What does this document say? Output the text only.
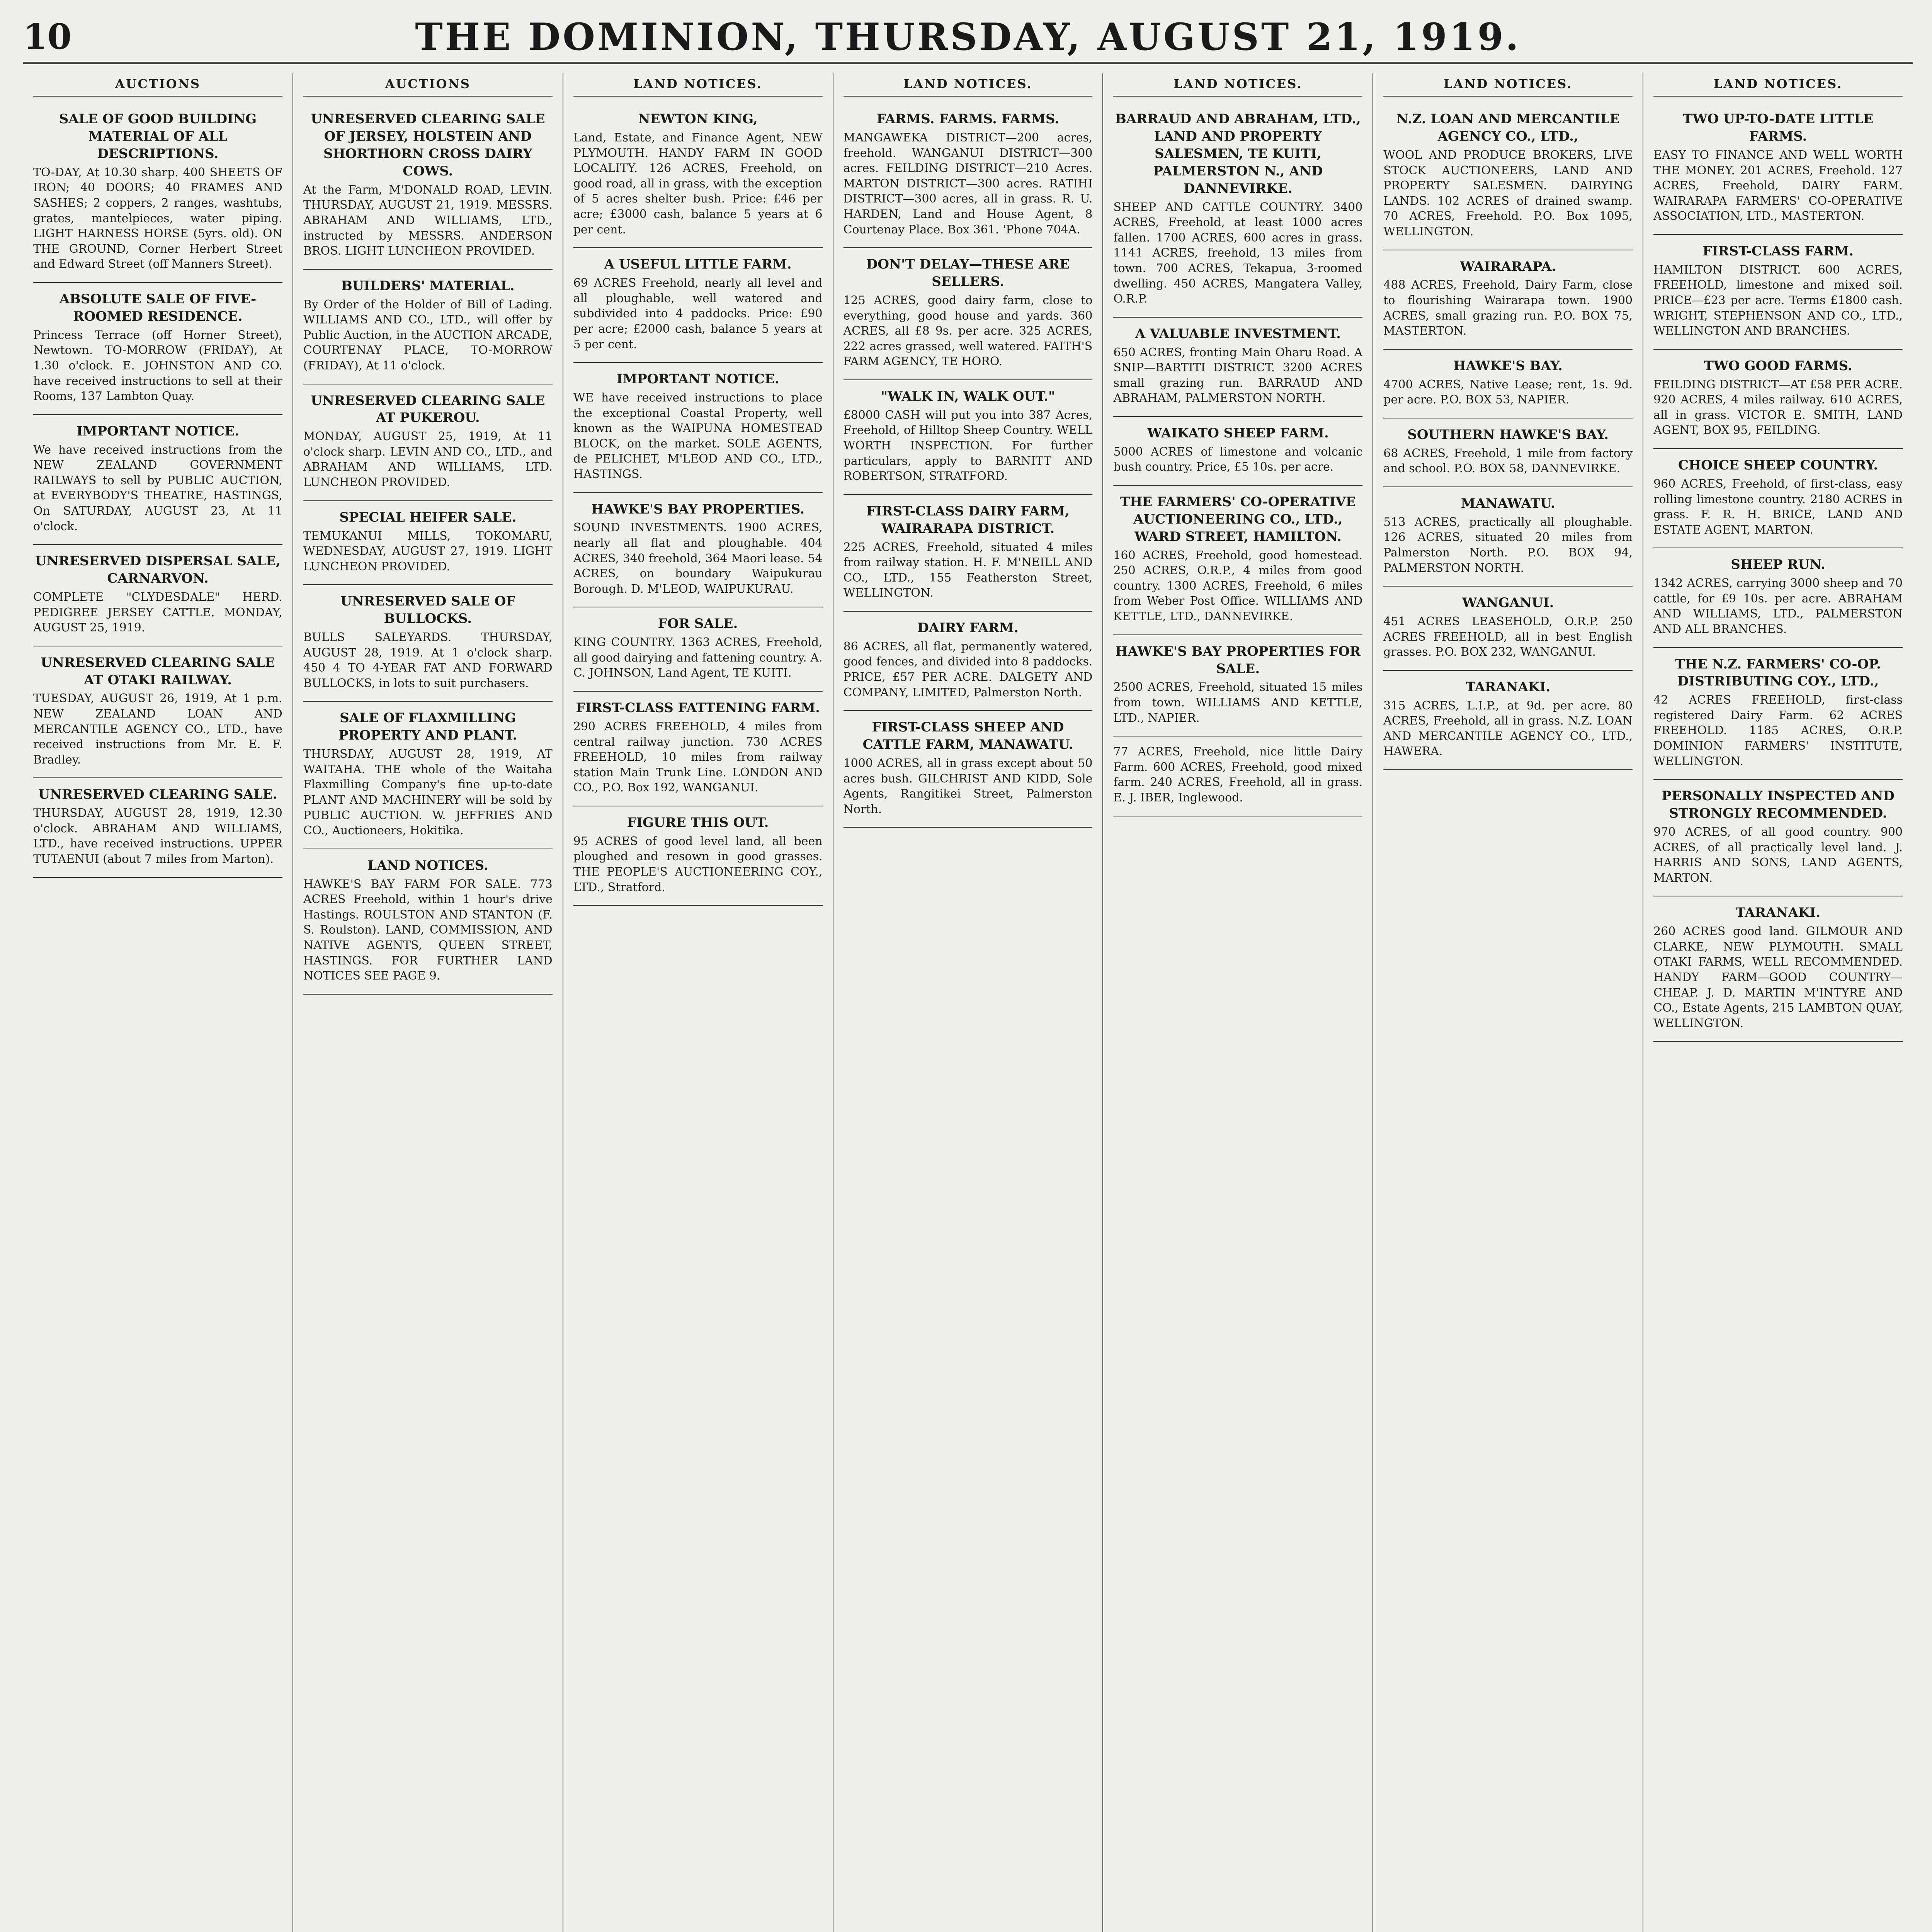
10	THE DOMINION, THURSDAY, AUGUST 21, 1919.
AUCTIONS
SALE OF GOOD BUILDING MATERIAL OF ALL DESCRIPTIONS.

TO-DAY, At 10.30 sharp. 400 SHEETS OF IRON; 40 DOORS; 40 FRAMES AND SASHES; 2 coppers, 2 ranges, washtubs, grates, mantelpieces, water piping. LIGHT HARNESS HORSE (5yrs. old). ON THE GROUND, Corner Herbert Street and Edward Street (off Manners Street).

ABSOLUTE SALE OF FIVE-ROOMED RESIDENCE.

Princess Terrace (off Horner Street), Newtown. TO-MORROW (FRIDAY), At 1.30 o'clock. E. JOHNSTON AND CO. have received instructions to sell at their Rooms, 137 Lambton Quay.

IMPORTANT NOTICE.

We have received instructions from the NEW ZEALAND GOVERNMENT RAILWAYS to sell by PUBLIC AUCTION, at EVERYBODY'S THEATRE, HASTINGS, On SATURDAY, AUGUST 23, At 11 o'clock.

UNRESERVED DISPERSAL SALE, CARNARVON.

COMPLETE "CLYDESDALE" HERD. PEDIGREE JERSEY CATTLE. MONDAY, AUGUST 25, 1919.

UNRESERVED CLEARING SALE AT OTAKI RAILWAY.

TUESDAY, AUGUST 26, 1919, At 1 p.m. NEW ZEALAND LOAN AND MERCANTILE AGENCY CO., LTD., have received instructions from Mr. E. F. Bradley.

UNRESERVED CLEARING SALE.

THURSDAY, AUGUST 28, 1919, 12.30 o'clock. ABRAHAM AND WILLIAMS, LTD., have received instructions. UPPER TUTAENUI (about 7 miles from Marton).

AUCTIONS
UNRESERVED CLEARING SALE OF JERSEY, HOLSTEIN AND SHORTHORN CROSS DAIRY COWS.

At the Farm, M'DONALD ROAD, LEVIN. THURSDAY, AUGUST 21, 1919. MESSRS. ABRAHAM AND WILLIAMS, LTD., instructed by MESSRS. ANDERSON BROS. LIGHT LUNCHEON PROVIDED.

BUILDERS' MATERIAL.

By Order of the Holder of Bill of Lading. WILLIAMS AND CO., LTD., will offer by Public Auction, in the AUCTION ARCADE, COURTENAY PLACE, TO-MORROW (FRIDAY), At 11 o'clock.

UNRESERVED CLEARING SALE AT PUKEROU.

MONDAY, AUGUST 25, 1919, At 11 o'clock sharp. LEVIN AND CO., LTD., and ABRAHAM AND WILLIAMS, LTD. LUNCHEON PROVIDED.

SPECIAL HEIFER SALE.

TEMUKANUI MILLS, TOKOMARU, WEDNESDAY, AUGUST 27, 1919. LIGHT LUNCHEON PROVIDED.

UNRESERVED SALE OF BULLOCKS.

BULLS SALEYARDS. THURSDAY, AUGUST 28, 1919. At 1 o'clock sharp. 450 4 TO 4-YEAR FAT AND FORWARD BULLOCKS, in lots to suit purchasers.

SALE OF FLAXMILLING PROPERTY AND PLANT.

THURSDAY, AUGUST 28, 1919, AT WAITAHA. THE whole of the Waitaha Flaxmilling Company's fine up-to-date PLANT AND MACHINERY will be sold by PUBLIC AUCTION. W. JEFFRIES AND CO., Auctioneers, Hokitika.

LAND NOTICES.

HAWKE'S BAY FARM FOR SALE. 773 ACRES Freehold, within 1 hour's drive Hastings. ROULSTON AND STANTON (F. S. Roulston). LAND, COMMISSION, AND NATIVE AGENTS, QUEEN STREET, HASTINGS. FOR FURTHER LAND NOTICES SEE PAGE 9.

LAND NOTICES.
NEWTON KING,

Land, Estate, and Finance Agent, NEW PLYMOUTH. HANDY FARM IN GOOD LOCALITY. 126 ACRES, Freehold, on good road, all in grass, with the exception of 5 acres shelter bush. Price: £46 per acre; £3000 cash, balance 5 years at 6 per cent.

A USEFUL LITTLE FARM.

69 ACRES Freehold, nearly all level and all ploughable, well watered and subdivided into 4 paddocks. Price: £90 per acre; £2000 cash, balance 5 years at 5 per cent.

IMPORTANT NOTICE.

WE have received instructions to place the exceptional Coastal Property, well known as the WAIPUNA HOMESTEAD BLOCK, on the market. SOLE AGENTS, de PELICHET, M'LEOD AND CO., LTD., HASTINGS.

HAWKE'S BAY PROPERTIES.

SOUND INVESTMENTS. 1900 ACRES, nearly all flat and ploughable. 404 ACRES, 340 freehold, 364 Maori lease. 54 ACRES, on boundary Waipukurau Borough. D. M'LEOD, WAIPUKURAU.

FOR SALE.

KING COUNTRY. 1363 ACRES, Freehold, all good dairying and fattening country. A. C. JOHNSON, Land Agent, TE KUITI.

FIRST-CLASS FATTENING FARM.

290 ACRES FREEHOLD, 4 miles from central railway junction. 730 ACRES FREEHOLD, 10 miles from railway station Main Trunk Line. LONDON AND CO., P.O. Box 192, WANGANUI.

FIGURE THIS OUT.

95 ACRES of good level land, all been ploughed and resown in good grasses. THE PEOPLE'S AUCTIONEERING COY., LTD., Stratford.

LAND NOTICES.
FARMS. FARMS. FARMS.

MANGAWEKA DISTRICT—200 acres, freehold. WANGANUI DISTRICT—300 acres. FEILDING DISTRICT—210 Acres. MARTON DISTRICT—300 acres. RATIHI DISTRICT—300 acres, all in grass. R. U. HARDEN, Land and House Agent, 8 Courtenay Place. Box 361. 'Phone 704A.

DON'T DELAY—THESE ARE SELLERS.

125 ACRES, good dairy farm, close to everything, good house and yards. 360 ACRES, all £8 9s. per acre. 325 ACRES, 222 acres grassed, well watered. FAITH'S FARM AGENCY, TE HORO.

"WALK IN, WALK OUT."

£8000 CASH will put you into 387 Acres, Freehold, of Hilltop Sheep Country. WELL WORTH INSPECTION. For further particulars, apply to BARNITT AND ROBERTSON, STRATFORD.

FIRST-CLASS DAIRY FARM, WAIRARAPA DISTRICT.

225 ACRES, Freehold, situated 4 miles from railway station. H. F. M'NEILL AND CO., LTD., 155 Featherston Street, WELLINGTON.

DAIRY FARM.

86 ACRES, all flat, permanently watered, good fences, and divided into 8 paddocks. PRICE, £57 PER ACRE. DALGETY AND COMPANY, LIMITED, Palmerston North.

FIRST-CLASS SHEEP AND CATTLE FARM, MANAWATU.

1000 ACRES, all in grass except about 50 acres bush. GILCHRIST AND KIDD, Sole Agents, Rangitikei Street, Palmerston North.

LAND NOTICES.
BARRAUD AND ABRAHAM, LTD., LAND AND PROPERTY SALESMEN, TE KUITI, PALMERSTON N., AND DANNEVIRKE.

SHEEP AND CATTLE COUNTRY. 3400 ACRES, Freehold, at least 1000 acres fallen. 1700 ACRES, 600 acres in grass. 1141 ACRES, freehold, 13 miles from town. 700 ACRES, Tekapua, 3-roomed dwelling. 450 ACRES, Mangatera Valley, O.R.P.

A VALUABLE INVESTMENT.

650 ACRES, fronting Main Oharu Road. A SNIP—BARTITI DISTRICT. 3200 ACRES small grazing run. BARRAUD AND ABRAHAM, PALMERSTON NORTH.

WAIKATO SHEEP FARM.

5000 ACRES of limestone and volcanic bush country. Price, £5 10s. per acre.

THE FARMERS' CO-OPERATIVE AUCTIONEERING CO., LTD., WARD STREET, HAMILTON.

160 ACRES, Freehold, good homestead. 250 ACRES, O.R.P., 4 miles from good country. 1300 ACRES, Freehold, 6 miles from Weber Post Office. WILLIAMS AND KETTLE, LTD., DANNEVIRKE.

HAWKE'S BAY PROPERTIES FOR SALE.

2500 ACRES, Freehold, situated 15 miles from town. WILLIAMS AND KETTLE, LTD., NAPIER.

77 ACRES, Freehold, nice little Dairy Farm. 600 ACRES, Freehold, good mixed farm. 240 ACRES, Freehold, all in grass. E. J. IBER, Inglewood.

LAND NOTICES.
N.Z. LOAN AND MERCANTILE AGENCY CO., LTD.,

WOOL AND PRODUCE BROKERS, LIVE STOCK AUCTIONEERS, LAND AND PROPERTY SALESMEN. DAIRYING LANDS. 102 ACRES of drained swamp. 70 ACRES, Freehold. P.O. Box 1095, WELLINGTON.

WAIRARAPA.

488 ACRES, Freehold, Dairy Farm, close to flourishing Wairarapa town. 1900 ACRES, small grazing run. P.O. BOX 75, MASTERTON.

HAWKE'S BAY.

4700 ACRES, Native Lease; rent, 1s. 9d. per acre. P.O. BOX 53, NAPIER.

SOUTHERN HAWKE'S BAY.

68 ACRES, Freehold, 1 mile from factory and school. P.O. BOX 58, DANNEVIRKE.

MANAWATU.

513 ACRES, practically all ploughable. 126 ACRES, situated 20 miles from Palmerston North. P.O. BOX 94, PALMERSTON NORTH.

WANGANUI.

451 ACRES LEASEHOLD, O.R.P. 250 ACRES FREEHOLD, all in best English grasses. P.O. BOX 232, WANGANUI.

TARANAKI.

315 ACRES, L.I.P., at 9d. per acre. 80 ACRES, Freehold, all in grass. N.Z. LOAN AND MERCANTILE AGENCY CO., LTD., HAWERA.

LAND NOTICES.
TWO UP-TO-DATE LITTLE FARMS.

EASY TO FINANCE AND WELL WORTH THE MONEY. 201 ACRES, Freehold. 127 ACRES, Freehold, DAIRY FARM. WAIRARAPA FARMERS' CO-OPERATIVE ASSOCIATION, LTD., MASTERTON.

FIRST-CLASS FARM.

HAMILTON DISTRICT. 600 ACRES, FREEHOLD, limestone and mixed soil. PRICE—£23 per acre. Terms £1800 cash. WRIGHT, STEPHENSON AND CO., LTD., WELLINGTON AND BRANCHES.

TWO GOOD FARMS.

FEILDING DISTRICT—AT £58 PER ACRE. 920 ACRES, 4 miles railway. 610 ACRES, all in grass. VICTOR E. SMITH, LAND AGENT, BOX 95, FEILDING.

CHOICE SHEEP COUNTRY.

960 ACRES, Freehold, of first-class, easy rolling limestone country. 2180 ACRES in grass. F. R. H. BRICE, LAND AND ESTATE AGENT, MARTON.

SHEEP RUN.

1342 ACRES, carrying 3000 sheep and 70 cattle, for £9 10s. per acre. ABRAHAM AND WILLIAMS, LTD., PALMERSTON AND ALL BRANCHES.

THE N.Z. FARMERS' CO-OP. DISTRIBUTING COY., LTD.,

42 ACRES FREEHOLD, first-class registered Dairy Farm. 62 ACRES FREEHOLD. 1185 ACRES, O.R.P. DOMINION FARMERS' INSTITUTE, WELLINGTON.

PERSONALLY INSPECTED AND STRONGLY RECOMMENDED.

970 ACRES, of all good country. 900 ACRES, of all practically level land. J. HARRIS AND SONS, LAND AGENTS, MARTON.

TARANAKI.

260 ACRES good land. GILMOUR AND CLARKE, NEW PLYMOUTH. SMALL OTAKI FARMS, WELL RECOMMENDED. HANDY FARM—GOOD COUNTRY—CHEAP. J. D. MARTIN M'INTYRE AND CO., Estate Agents, 215 LAMBTON QUAY, WELLINGTON.
